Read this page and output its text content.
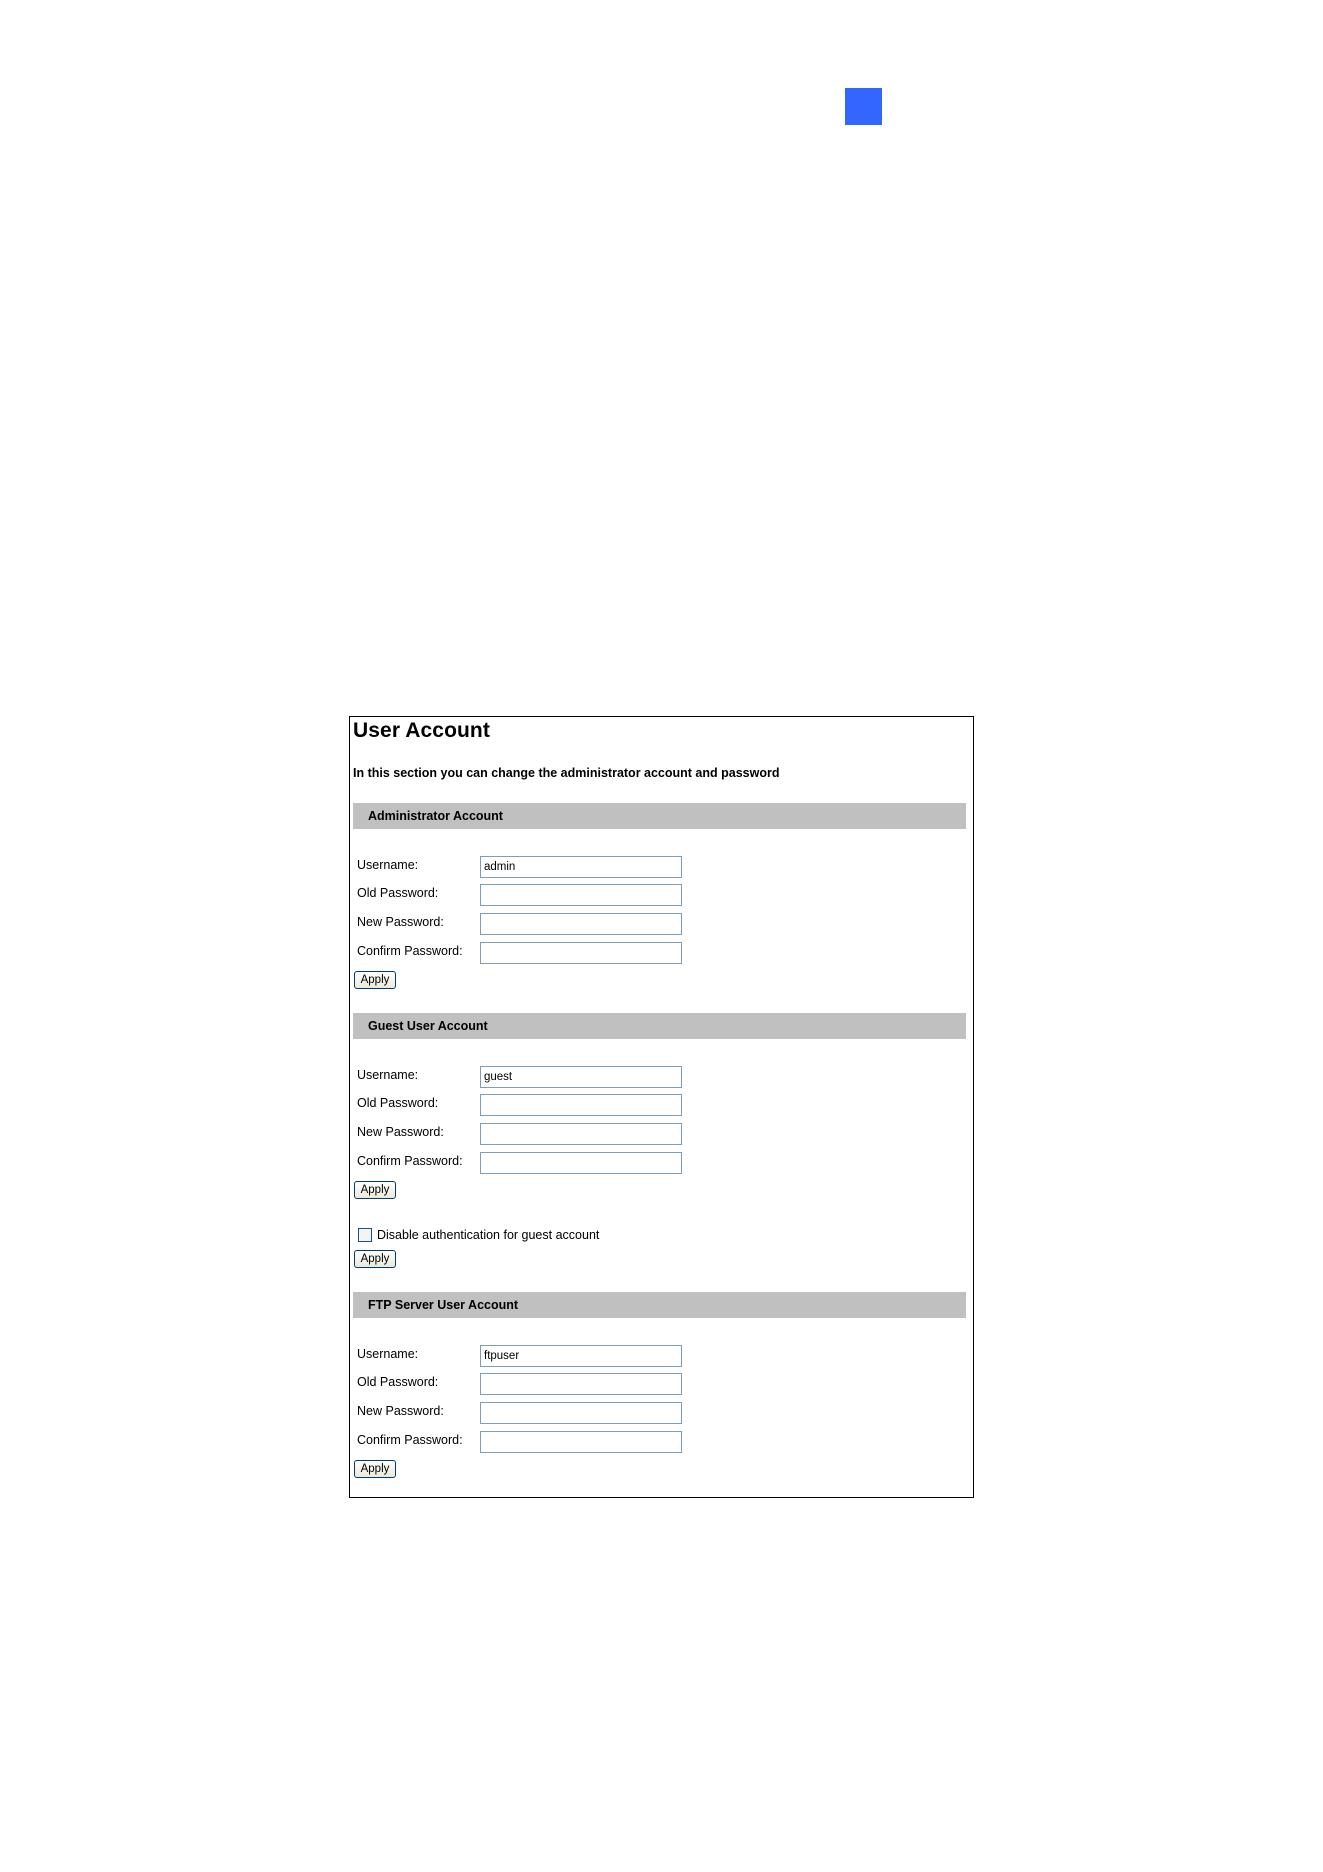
User Account
In this section you can change the administrator account and password
Administrator Account
Username:
admin
Old Password:
New Password:
Confirm Password:
Apply
Guest User Account
Username:
guest
Old Password:
New Password:
Confirm Password:
Apply
Disable authentication for guest account
Apply
FTP Server User Account
Username:
ftpuser
Old Password:
New Password:
Confirm Password:
Apply
